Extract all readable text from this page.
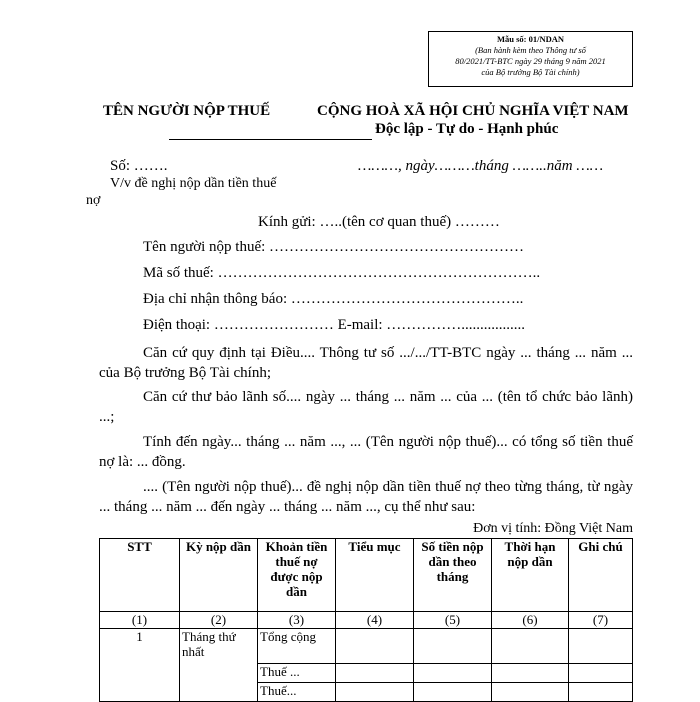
Mẫu số: 01/NDAN
(Ban hành kèm theo Thông tư số
80/2021/TT-BTC ngày 29 tháng 9 năm 2021
của Bộ trưởng Bộ Tài chính)
TÊN NGƯỜI NỘP THUẾ	CỘNG HOÀ XÃ HỘI CHỦ NGHĨA VIỆT NAM
Độc lập - Tự do - Hạnh phúc
Số: …….	………, ngày………tháng ……..năm ……
V/v đề nghị nộp dần tiền thuế
nợ
Kính gửi: …..(tên cơ quan thuế) ………
Tên người nộp thuế: ……………………………………………
Mã số thuế: ………………………………………………………..
Địa chỉ nhận thông báo: ………………………………………..
Điện thoại: …………………… E-mail: …………….................
Căn cứ quy định tại Điều.... Thông tư số .../.../TT-BTC ngày ... tháng ... năm ... của Bộ trưởng Bộ Tài chính;
Căn cứ thư bảo lãnh số.... ngày ... tháng ... năm ... của ... (tên tổ chức bảo lãnh) ...;
Tính đến ngày... tháng ... năm ..., ... (Tên người nộp thuế)... có tổng số tiền thuế nợ là: ... đồng.
.... (Tên người nộp thuế)... đề nghị nộp dần tiền thuế nợ theo từng tháng, từ ngày ... tháng ... năm ... đến ngày ... tháng ... năm ..., cụ thể như sau:
Đơn vị tính: Đồng Việt Nam
STT	Kỳ nộp dần	Khoản tiền thuế nợ được nộp dần	Tiểu mục	Số tiền nộp dần theo tháng	Thời hạn nộp dần	Ghi chú
(1)	(2)	(3)	(4)	(5)	(6)	(7)
1	Tháng thứ nhất	Tổng cộng				
		Thuế ...				
		Thuế...				
